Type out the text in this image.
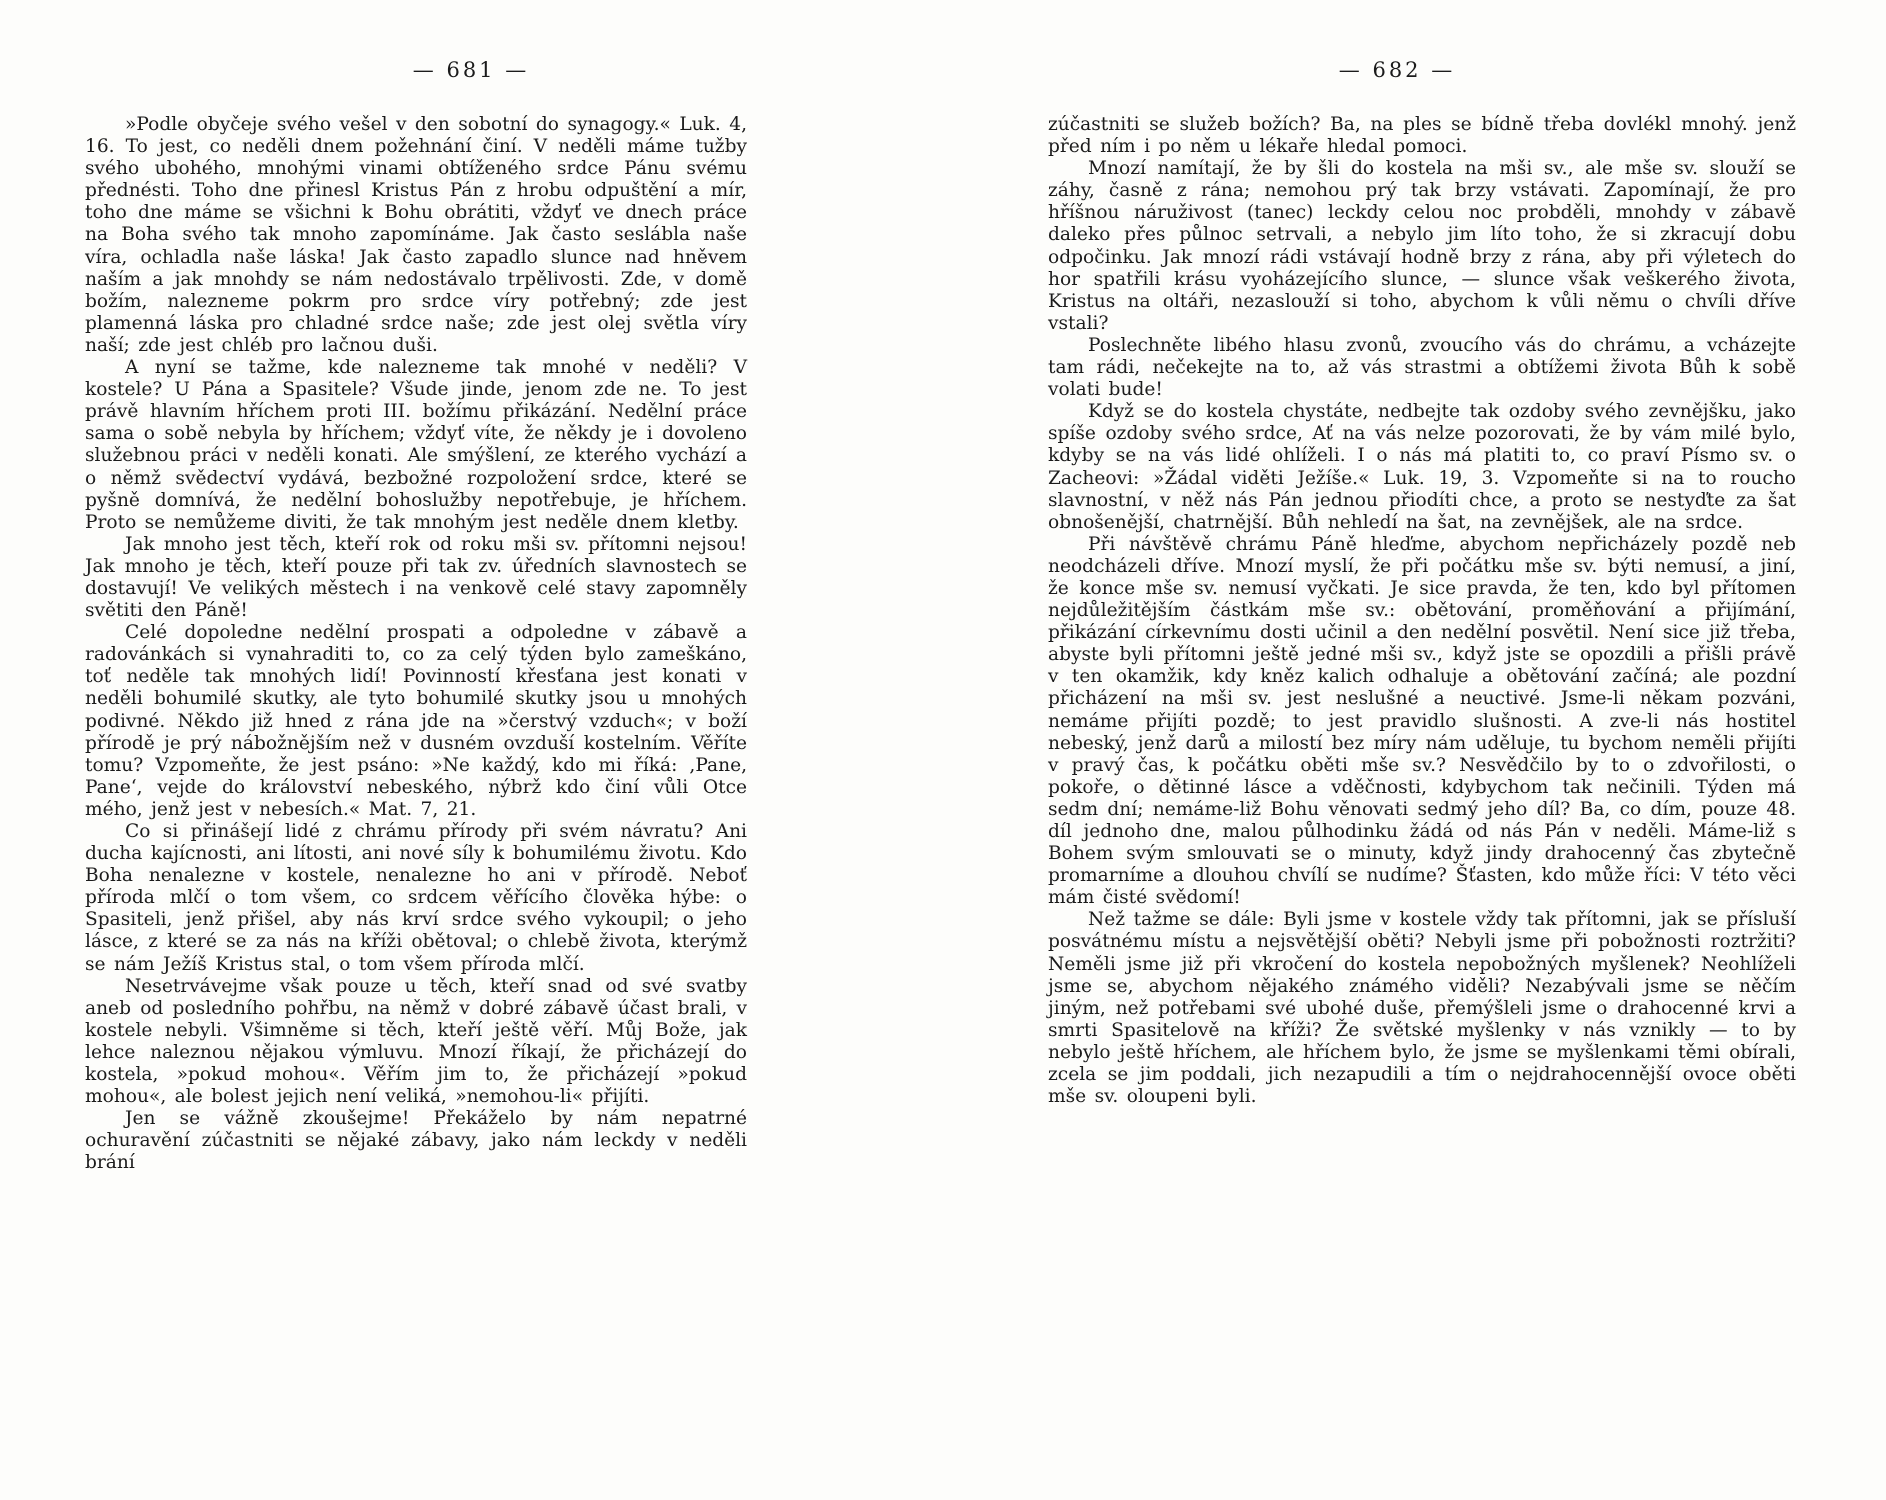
— 681 —

»Podle obyčeje svého vešel v den sobotní do synagogy.« Luk. 4, 16. To jest, co neděli dnem požehnání činí. V neděli máme tužby svého ubohého, mnohými vinami obtíženého srdce Pánu svému přednésti. Toho dne přinesl Kristus Pán z hrobu odpuštění a mír, toho dne máme se všichni k Bohu obrátiti, vždyť ve dnech práce na Boha svého tak mnoho zapomínáme. Jak často seslábla naše víra, ochladla naše láska! Jak často zapadlo slunce nad hněvem naším a jak mnohdy se nám nedostávalo trpělivosti. Zde, v domě božím, nalezneme pokrm pro srdce víry potřebný; zde jest plamenná láska pro chladné srdce naše; zde jest olej světla víry naší; zde jest chléb pro lačnou duši.

A nyní se tažme, kde nalezneme tak mnohé v neděli? V kostele? U Pána a Spasitele? Všude jinde, jenom zde ne. To jest právě hlavním hříchem proti III. božímu přikázání. Nedělní práce sama o sobě nebyla by hříchem; vždyť víte, že někdy je i dovoleno služebnou práci v neděli konati. Ale smýšlení, ze kterého vychází a o němž svědectví vydává, bezbožné rozpoložení srdce, které se pyšně domnívá, že nedělní bohoslužby nepotřebuje, je hříchem. Proto se nemůžeme diviti, že tak mnohým jest neděle dnem kletby.

Jak mnoho jest těch, kteří rok od roku mši sv. přítomni nejsou! Jak mnoho je těch, kteří pouze při tak zv. úředních slavnostech se dostavují! Ve velikých městech i na venkově celé stavy zapomněly světiti den Páně!

Celé dopoledne nedělní prospati a odpoledne v zábavě a radovánkách si vynahraditi to, co za celý týden bylo zameškáno, toť neděle tak mnohých lidí! Povinností křesťana jest konati v neděli bohumilé skutky, ale tyto bohumilé skutky jsou u mnohých podivné. Někdo již hned z rána jde na »čerstvý vzduch«; v boží přírodě je prý nábožnějším než v dusném ovzduší kostelním. Věříte tomu? Vzpomeňte, že jest psáno: »Ne každý, kdo mi říká: ,Pane, Pane‘, vejde do království nebeského, nýbrž kdo činí vůli Otce mého, jenž jest v nebesích.« Mat. 7, 21.

Co si přinášejí lidé z chrámu přírody při svém návratu? Ani ducha kajícnosti, ani lítosti, ani nové síly k bohumilému životu. Kdo Boha nenalezne v kostele, nenalezne ho ani v přírodě. Neboť příroda mlčí o tom všem, co srdcem věřícího člověka hýbe: o Spasiteli, jenž přišel, aby nás krví srdce svého vykoupil; o jeho lásce, z které se za nás na kříži obětoval; o chlebě života, kterýmž se nám Ježíš Kristus stal, o tom všem příroda mlčí.

Nesetrvávejme však pouze u těch, kteří snad od své svatby aneb od posledního pohřbu, na němž v dobré zábavě účast brali, v kostele nebyli. Všimněme si těch, kteří ještě věří. Můj Bože, jak lehce naleznou nějakou výmluvu. Mnozí říkají, že přicházejí do kostela, »pokud mohou«. Věřím jim to, že přicházejí »pokud mohou«, ale bolest jejich není veliká, »nemohou-li« přijíti.

Jen se vážně zkoušejme! Překáželo by nám nepatrné ochuravění zúčastniti se nějaké zábavy, jako nám leckdy v neděli brání

— 682 —

zúčastniti se služeb božích? Ba, na ples se bídně třeba dovlékl mnohý. jenž před ním i po něm u lékaře hledal pomoci.

Mnozí namítají, že by šli do kostela na mši sv., ale mše sv. slouží se záhy, časně z rána; nemohou prý tak brzy vstávati. Zapomínají, že pro hříšnou náruživost (tanec) leckdy celou noc probděli, mnohdy v zábavě daleko přes půlnoc setrvali, a nebylo jim líto toho, že si zkracují dobu odpočinku. Jak mnozí rádi vstávají hodně brzy z rána, aby při výletech do hor spatřili krásu vyoházejícího slunce, — slunce však veškerého života, Kristus na oltáři, nezaslouží si toho, abychom k vůli němu o chvíli dříve vstali?

Poslechněte libého hlasu zvonů, zvoucího vás do chrámu, a vcházejte tam rádi, nečekejte na to, až vás strastmi a obtížemi života Bůh k sobě volati bude!

Když se do kostela chystáte, nedbejte tak ozdoby svého zevnějšku, jako spíše ozdoby svého srdce, Ať na vás nelze pozorovati, že by vám milé bylo, kdyby se na vás lidé ohlíželi. I o nás má platiti to, co praví Písmo sv. o Zacheovi: »Žádal viděti Ježíše.« Luk. 19, 3. Vzpomeňte si na to roucho slavnostní, v něž nás Pán jednou přiodíti chce, a proto se nestyďte za šat obnošenější, chatrnější. Bůh nehledí na šat, na zevnějšek, ale na srdce.

Při návštěvě chrámu Páně hleďme, abychom nepřicházely pozdě neb neodcházeli dříve. Mnozí myslí, že při počátku mše sv. býti nemusí, a jiní, že konce mše sv. nemusí vyčkati. Je sice pravda, že ten, kdo byl přítomen nejdůležitějším částkám mše sv.: obětování, proměňování a přijímání, přikázání církevnímu dosti učinil a den nedělní posvětil. Není sice již třeba, abyste byli přítomni ještě jedné mši sv., když jste se opozdili a přišli právě v ten okamžik, kdy kněz kalich odhaluje a obětování začíná; ale pozdní přicházení na mši sv. jest neslušné a neuctivé. Jsme-li někam pozváni, nemáme přijíti pozdě; to jest pravidlo slušnosti. A zve-li nás hostitel nebeský, jenž darů a milostí bez míry nám uděluje, tu bychom neměli přijíti v pravý čas, k počátku oběti mše sv.? Nesvědčilo by to o zdvořilosti, o pokoře, o dětinné lásce a vděčnosti, kdybychom tak nečinili. Týden má sedm dní; nemáme-liž Bohu věnovati sedmý jeho díl? Ba, co dím, pouze 48. díl jednoho dne, malou půlhodinku žádá od nás Pán v neděli. Máme-liž s Bohem svým smlouvati se o minuty, když jindy drahocenný čas zbytečně promarníme a dlouhou chvílí se nudíme? Šťasten, kdo může říci: V této věci mám čisté svědomí!

Než tažme se dále: Byli jsme v kostele vždy tak přítomni, jak se přísluší posvátnému místu a nejsvětější oběti? Nebyli jsme při pobožnosti roztržiti? Neměli jsme již při vkročení do kostela nepobožných myšlenek? Neohlíželi jsme se, abychom nějakého známého viděli? Nezabývali jsme se něčím jiným, než potřebami své ubohé duše, přemýšleli jsme o drahocenné krvi a smrti Spasitelově na kříži? Že světské myšlenky v nás vznikly — to by nebylo ještě hříchem, ale hříchem bylo, že jsme se myšlenkami těmi obírali, zcela se jim poddali, jich nezapudili a tím o nejdrahocennější ovoce oběti mše sv. oloupeni byli.
